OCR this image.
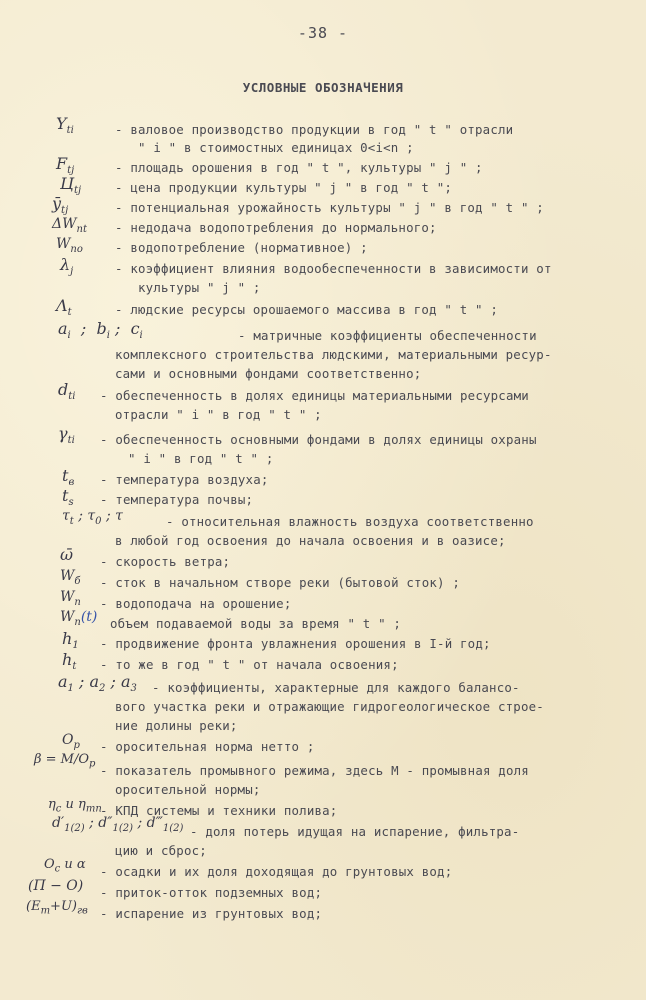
-38 -
УСЛОВНЫЕ ОБОЗНАЧЕНИЯ
$Y_{ti}$	- валовое производство продукции в год " t " отрасли
" i " в стоимостных единицах 0<i<n ;
$F_{tj}$	- площадь орошения в год " t ", культуры " j " ;
$Ц_{tj}$	- цена продукции культуры " j " в год " t ";
$ȳ_{tj}$	- потенциальная урожайность культуры " j " в год " t " ;
$\Delta W_{nt}$ - недодача водопотребления до нормального;
$W_{no}$	- водопотребление (нормативное) ;
$\lambda_j$	- коэффициент влияния водообеспеченности в зависимости от
культуры " j " ;
$\Lambda_t$	- людские ресурсы орошаемого массива в год " t " ;
$a_i$  ;  $b_i$ ;  $c_i$	- матричные коэффициенты обеспеченности
комплексного строительства людскими, материальными ресур-
сами и основными фондами соответственно;
$d_{ti}$ - обеспеченность в долях единицы материальными ресурсами
отрасли " i " в год " t " ;
$\gamma_{ti}$ - обеспеченность основными фондами в долях единицы охраны
" i " в год " t " ;
$t_в$ - температура воздуха;
$t_s$ - температура почвы;
$\tau_t$ ; $\tau_0$ ; τ	- относительная влажность воздуха соответственно
в любой год освоения до начала освоения и в оазисе;
ω̄ - скорость ветра;
$W_б$ - сток в начальном створе реки (бытовой сток) ;
$W_п$ - водоподача на орошение;
$W_п(t)$ объем подаваемой воды за время " t " ;
$h_1$ - продвижение фронта увлажнения орошения в I-й год;
$h_t$ - то же в год " t " от начала освоения;
$a_1$ ; $a_2$ ; $a_3$ - коэффициенты, характерные для каждого балансо-
вого участка реки и отражающие гидрогеологическое строе-
ние долины реки;
$O_p$ - оросительная норма нетто ;
$\beta = M/O_p$ - показатель промывного режима, здесь М - промывная доля
оросительной нормы;
$\eta_c$ и $\eta_{mn}$
- КПД системы и техники полива;
$d'_{1(2)}$ ; $d''_{1(2)}$ ; $d‴_{1(2)}$ - доля потерь идущая на испарение, фильтра-
цию и сброс;
$O_c$ и α - осадки и их доля доходящая до грунтовых вод;
(П − О) - приток-отток подземных вод;
$(E_m+U)_{гв}$ - испарение из грунтовых вод;
